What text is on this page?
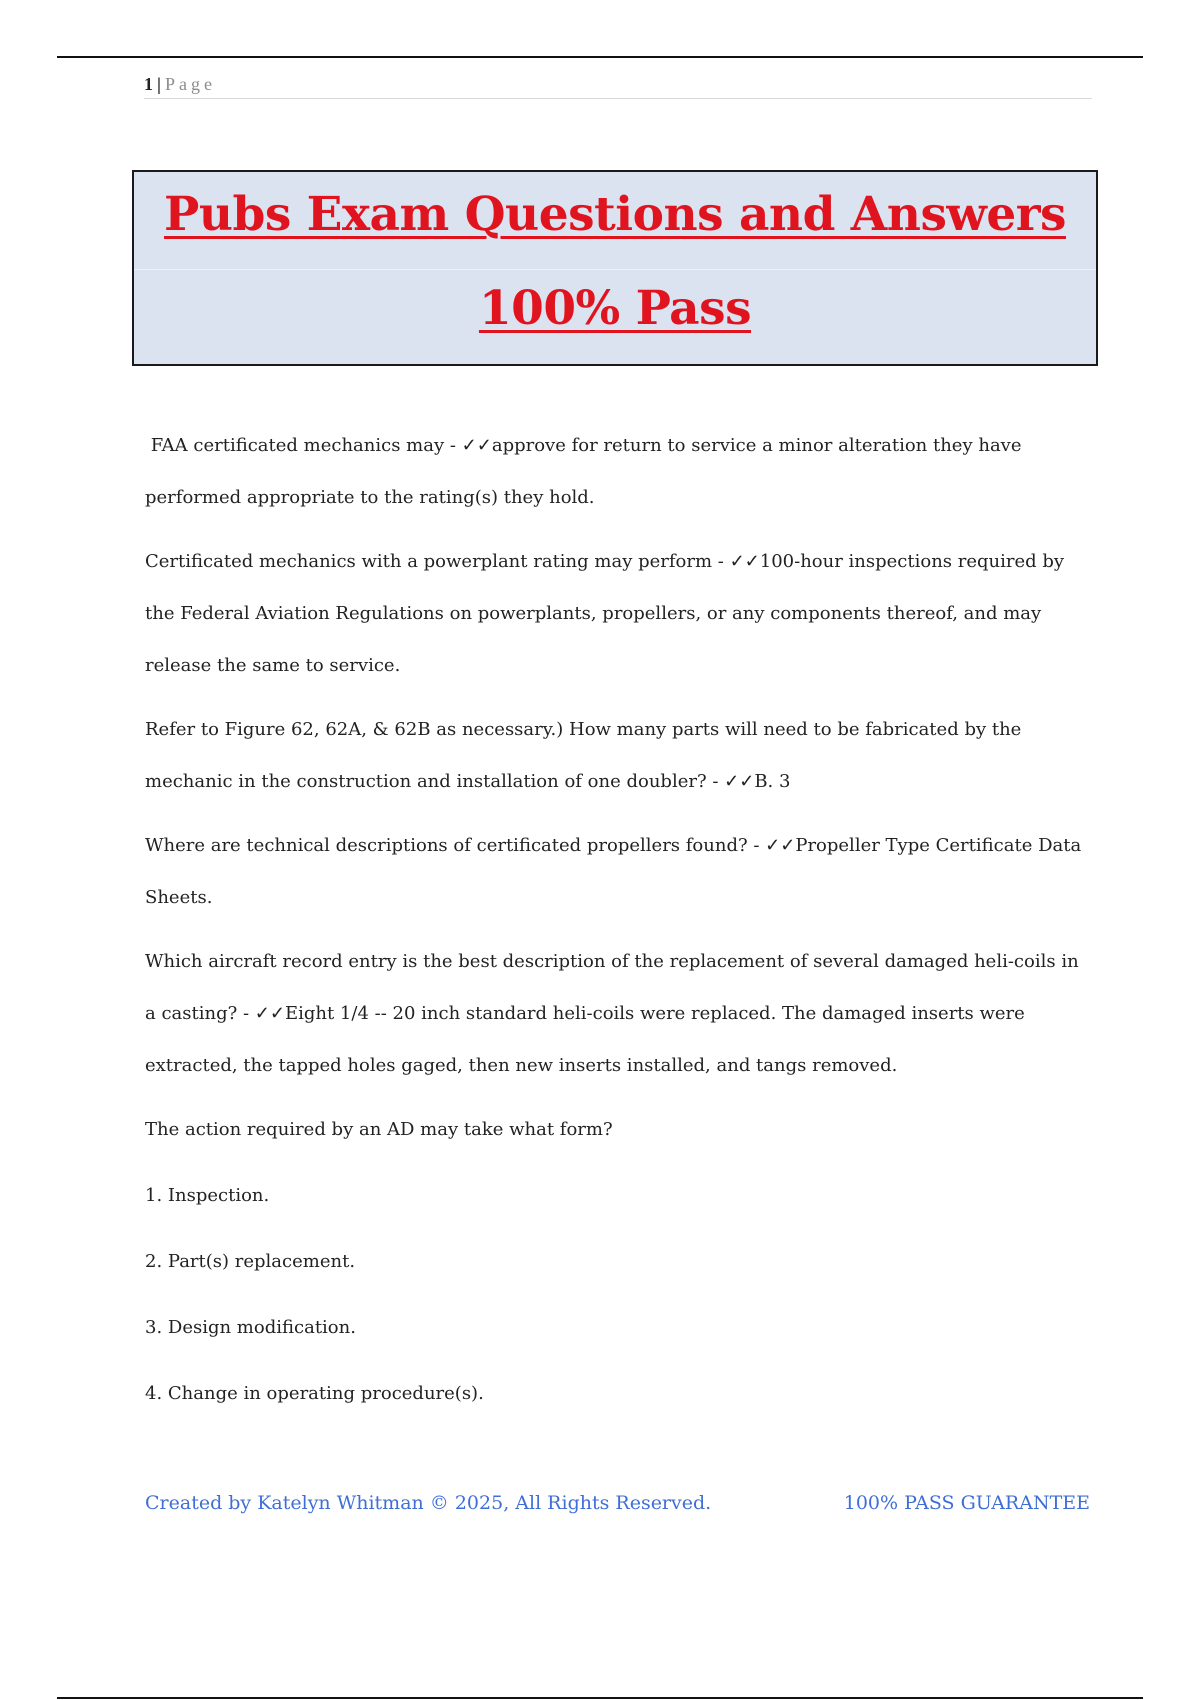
1 | Page
Pubs Exam Questions and Answers
100% Pass

FAA certificated mechanics may - ✓✓approve for return to service a minor alteration they have performed appropriate to the rating(s) they hold.

Certificated mechanics with a powerplant rating may perform - ✓✓100-hour inspections required by the Federal Aviation Regulations on powerplants, propellers, or any components thereof, and may release the same to service.

Refer to Figure 62, 62A, & 62B as necessary.) How many parts will need to be fabricated by the mechanic in the construction and installation of one doubler? - ✓✓B. 3

Where are technical descriptions of certificated propellers found? - ✓✓Propeller Type Certificate Data Sheets.

Which aircraft record entry is the best description of the replacement of several damaged heli-coils in a casting? - ✓✓Eight 1/4 -- 20 inch standard heli-coils were replaced. The damaged inserts were extracted, the tapped holes gaged, then new inserts installed, and tangs removed.

The action required by an AD may take what form?

1. Inspection.

2. Part(s) replacement.

3. Design modification.

4. Change in operating procedure(s).

Created by Katelyn Whitman © 2025, All Rights Reserved.	100% PASS GUARANTEE
